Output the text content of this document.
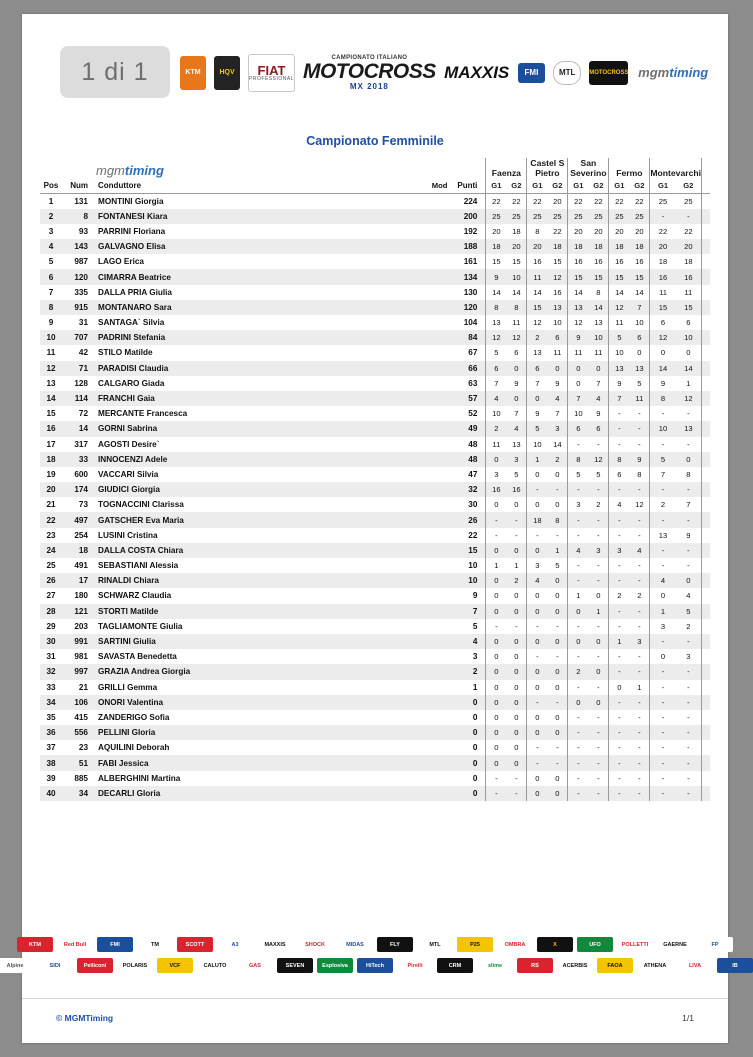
1 di 1	KTM	HQV	FIAT
PROFESSIONAL
CAMPIONATO ITALIANO
MOTOCROSS
MX 2018
MAXXIS	FMI	MTL	MOTOCROSS mgm timing
Campionato Femminile
mgmtiming					Faenza		Castel S Pietro		San Severino		Fermo		Montevarchi		
Pos	Num	Conduttore	Mod	Punti	G1	G2	G1	G2	G1	G2	G1	G2	G1	G2	
1	131	MONTINI Giorgia		224	22	22	22	20	22	22	22	22	25	25	
2	8	FONTANESI Kiara		200	25	25	25	25	25	25	25	25	-	-	
3	93	PARRINI Floriana		192	20	18	8	22	20	20	20	20	22	22	
4	143	GALVAGNO Elisa		188	18	20	20	18	18	18	18	18	20	20	
5	987	LAGO Erica		161	15	15	16	15	16	16	16	16	18	18	
6	120	CIMARRA Beatrice		134	9	10	11	12	15	15	15	15	16	16	
7	335	DALLA PRIA Giulia		130	14	14	14	16	14	8	14	14	11	11	
8	915	MONTANARO Sara		120	8	8	15	13	13	14	12	7	15	15	
9	31	SANTAGA` Silvia		104	13	11	12	10	12	13	11	10	6	6	
10	707	PADRINI Stefania		84	12	12	2	6	9	10	5	6	12	10	
11	42	STILO Matilde		67	5	6	13	11	11	11	10	0	0	0	
12	71	PARADISI Claudia		66	6	0	6	0	0	0	13	13	14	14	
13	128	CALGARO Giada		63	7	9	7	9	0	7	9	5	9	1	
14	114	FRANCHI Gaia		57	4	0	0	4	7	4	7	11	8	12	
15	72	MERCANTE Francesca		52	10	7	9	7	10	9	-	-	-	-	
16	14	GORNI Sabrina		49	2	4	5	3	6	6	-	-	10	13	
17	317	AGOSTI Desire`		48	11	13	10	14	-	-	-	-	-	-	
18	33	INNOCENZI Adele		48	0	3	1	2	8	12	8	9	5	0	
19	600	VACCARI Silvia		47	3	5	0	0	5	5	6	8	7	8	
20	174	GIUDICI Giorgia		32	16	16	-	-	-	-	-	-	-	-	
21	73	TOGNACCINI Clarissa		30	0	0	0	0	3	2	4	12	2	7	
22	497	GATSCHER Eva Maria		26	-	-	18	8	-	-	-	-	-	-	
23	254	LUSINI Cristina		22	-	-	-	-	-	-	-	-	13	9	
24	18	DALLA COSTA Chiara		15	0	0	0	1	4	3	3	4	-	-	
25	491	SEBASTIANI Alessia		10	1	1	3	5	-	-	-	-	-	-	
26	17	RINALDI Chiara		10	0	2	4	0	-	-	-	-	4	0	
27	180	SCHWARZ Claudia		9	0	0	0	0	1	0	2	2	0	4	
28	121	STORTI Matilde		7	0	0	0	0	0	1	-	-	1	5	
29	203	TAGLIAMONTE Giulia		5	-	-	-	-	-	-	-	-	3	2	
30	991	SARTINI Giulia		4	0	0	0	0	0	0	1	3	-	-	
31	981	SAVASTA Benedetta		3	0	0	-	-	-	-	-	-	0	3	
32	997	GRAZIA Andrea Giorgia		2	0	0	0	0	2	0	-	-	-	-	
33	21	GRILLI Gemma		1	0	0	0	0	-	-	0	1	-	-	
34	106	ONORI Valentina		0	0	0	-	-	0	0	-	-	-	-	
35	415	ZANDERIGO Sofia		0	0	0	0	0	-	-	-	-	-	-	
36	556	PELLINI Gloria		0	0	0	0	0	-	-	-	-	-	-	
37	23	AQUILINI Deborah		0	0	0	-	-	-	-	-	-	-	-	
38	51	FABI Jessica		0	0	0	-	-	-	-	-	-	-	-	
39	885	ALBERGHINI Martina		0	-	-	0	0	-	-	-	-	-	-	
40	34	DECARLI Gloria		0	-	-	0	0	-	-	-	-	-	-	
KTM	Red Bull	FMI	TM	SCOTT	A3	MAXXIS	SHOCK	MIDAS	FLY	MTL	P25	OMBRA	X	UFO	POLLETTI	GAERNE	FP
Alpine	SIDI	Pelliconi	POLARIS	VCF	CALUTO	GAS	SEVEN	Esplosiva	HiTech	Pirelli	CRM	slime	RS	ACERBIS	FAOA	ATHENA	LIVA	IB
© MGMTiming	1/1
